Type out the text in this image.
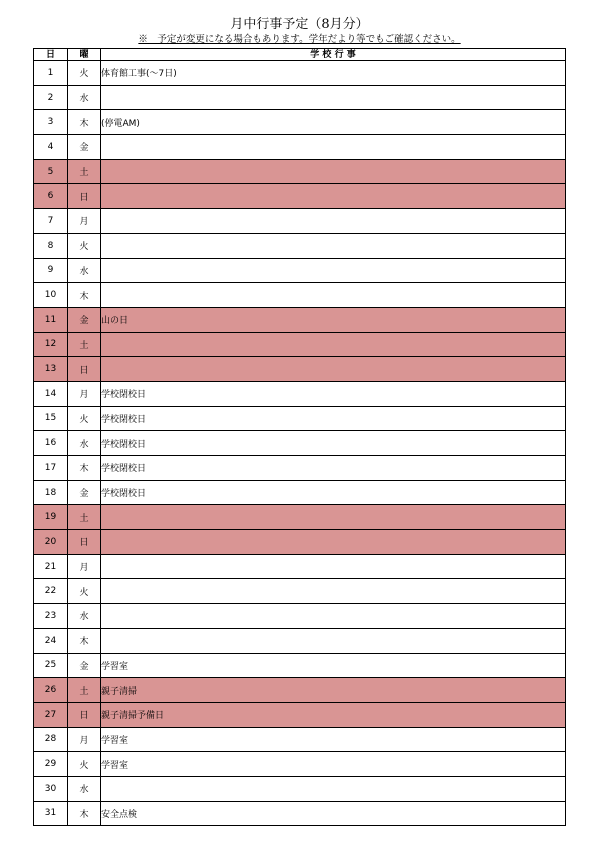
月中行事予定（8月分）
※　予定が変更になる場合もあります。学年だより等でもご確認ください。
日	曜	学 校 行 事
1	火	体育館工事(～7日)
2	水	
3	木	(停電AM)
4	金	
5	土	
6	日	
7	月	
8	火	
9	水	
10	木	
11	金	山の日
12	土	
13	日	
14	月	学校閉校日
15	火	学校閉校日
16	水	学校閉校日
17	木	学校閉校日
18	金	学校閉校日
19	土	
20	日	
21	月	
22	火	
23	水	
24	木	
25	金	学習室
26	土	親子清掃
27	日	親子清掃予備日
28	月	学習室
29	火	学習室
30	水	
31	木	安全点検
